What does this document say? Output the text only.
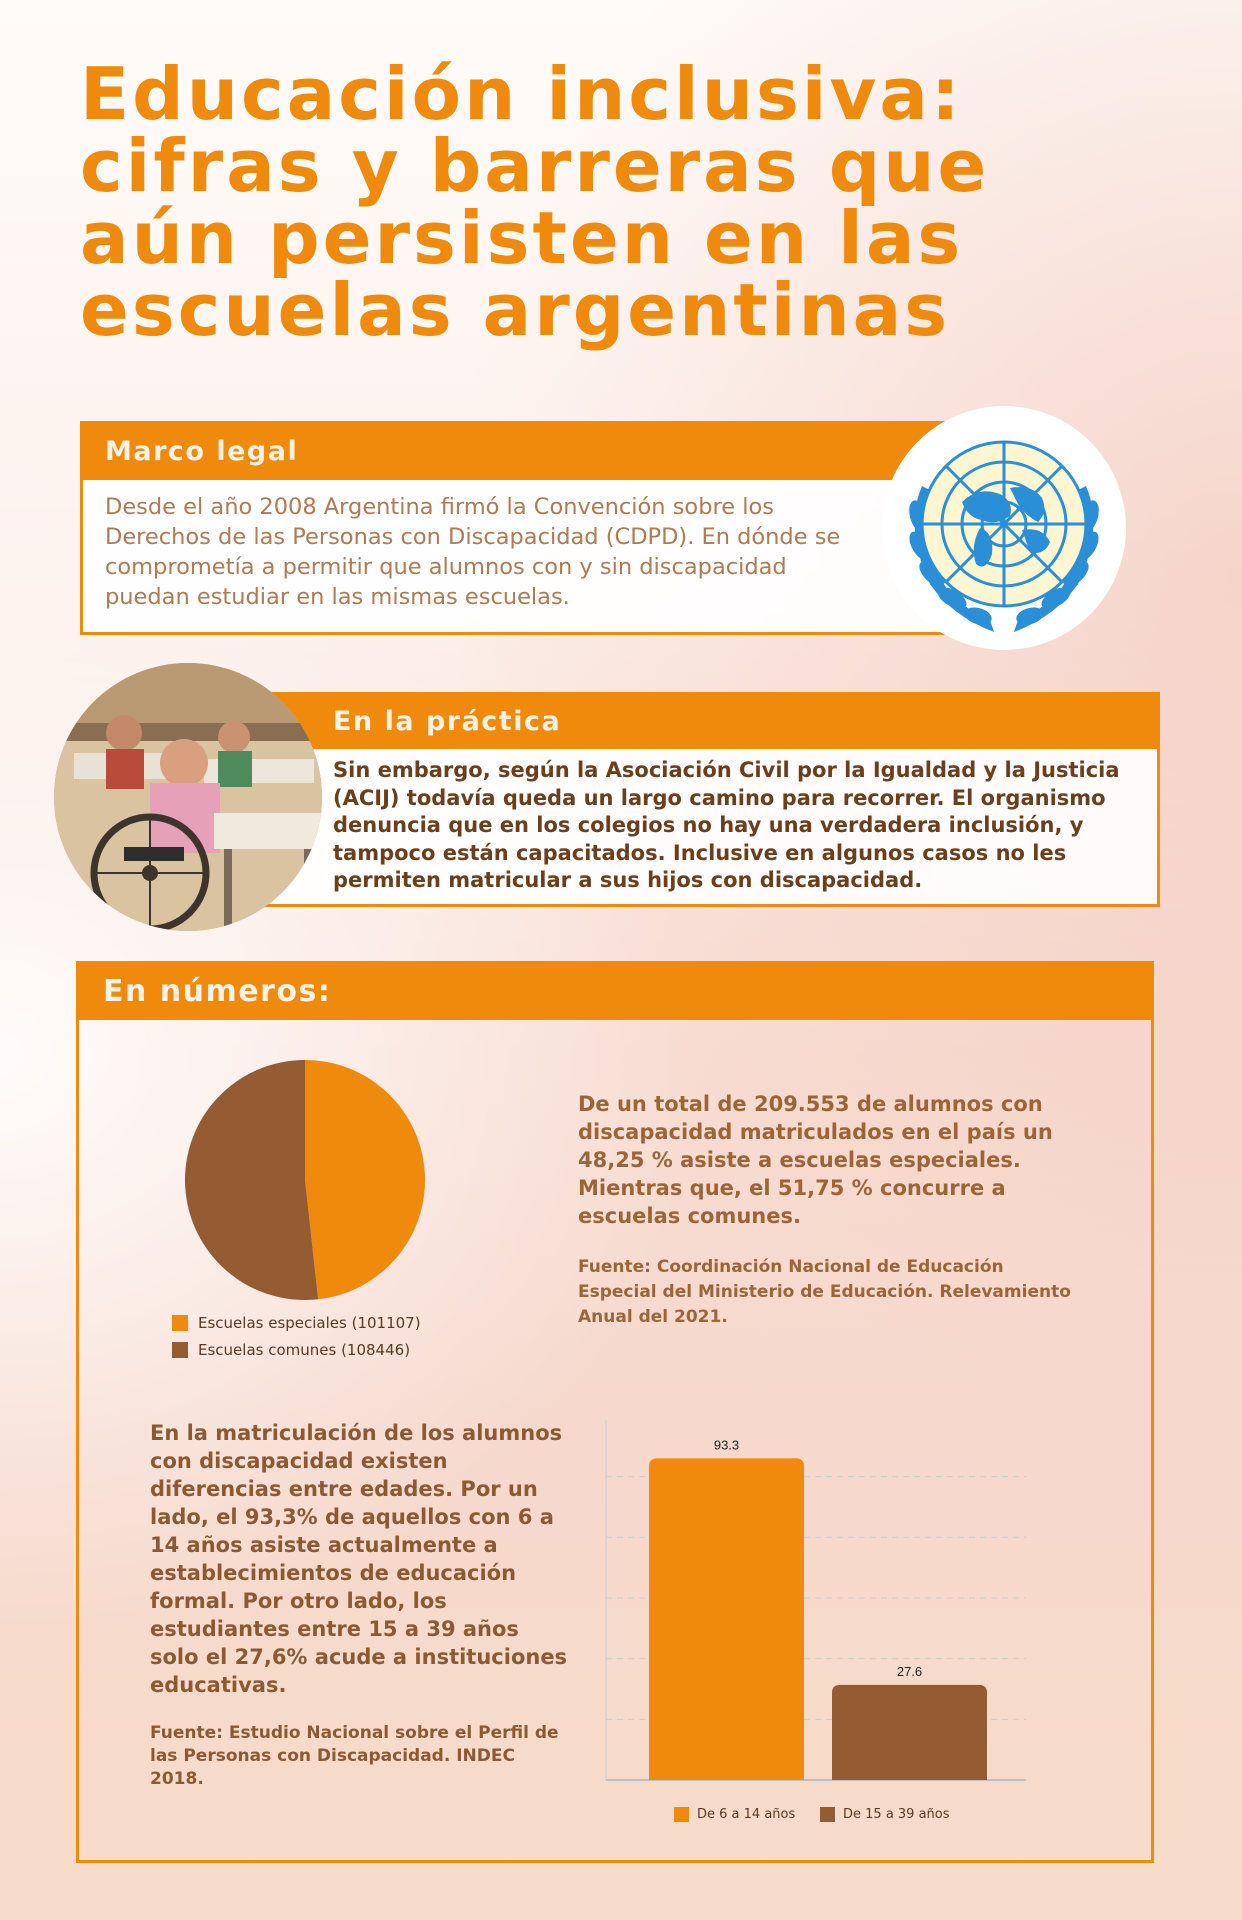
Educación inclusiva:
cifras y barreras que
aún persisten en las
escuelas argentinas
Marco legal
Desde el año 2008 Argentina firmó la Convención sobre los Derechos de las Personas con Discapacidad (CDPD). En dónde se comprometía a permitir que alumnos con y sin discapacidad puedan estudiar en las mismas escuelas.
En la práctica
Sin embargo, según la Asociación Civil por la Igualdad y la Justicia (ACIJ) todavía queda un largo camino para recorrer. El organismo denuncia que en los colegios no hay una verdadera inclusión, y tampoco están capacitados. Inclusive en algunos casos no les permiten matricular a sus hijos con discapacidad.
En números:
Escuelas especiales (101107)
Escuelas comunes (108446)
De un total de 209.553 de alumnos con discapacidad matriculados en el país un 48,25 % asiste a escuelas especiales. Mientras que, el 51,75 % concurre a escuelas comunes.
Fuente: Coordinación Nacional de Educación Especial del Ministerio de Educación. Relevamiento Anual del 2021.
En la matriculación de los alumnos con discapacidad existen diferencias entre edades. Por un lado, el 93,3% de aquellos con 6 a 14 años asiste actualmente a establecimientos de educación formal. Por otro lado, los estudiantes entre 15 a 39 años solo el 27,6% acude a instituciones educativas.
Fuente: Estudio Nacional sobre el Perfil de las Personas con Discapacidad. INDEC 2018.
93.3
27.6
De 6 a 14 años	De 15 a 39 años
